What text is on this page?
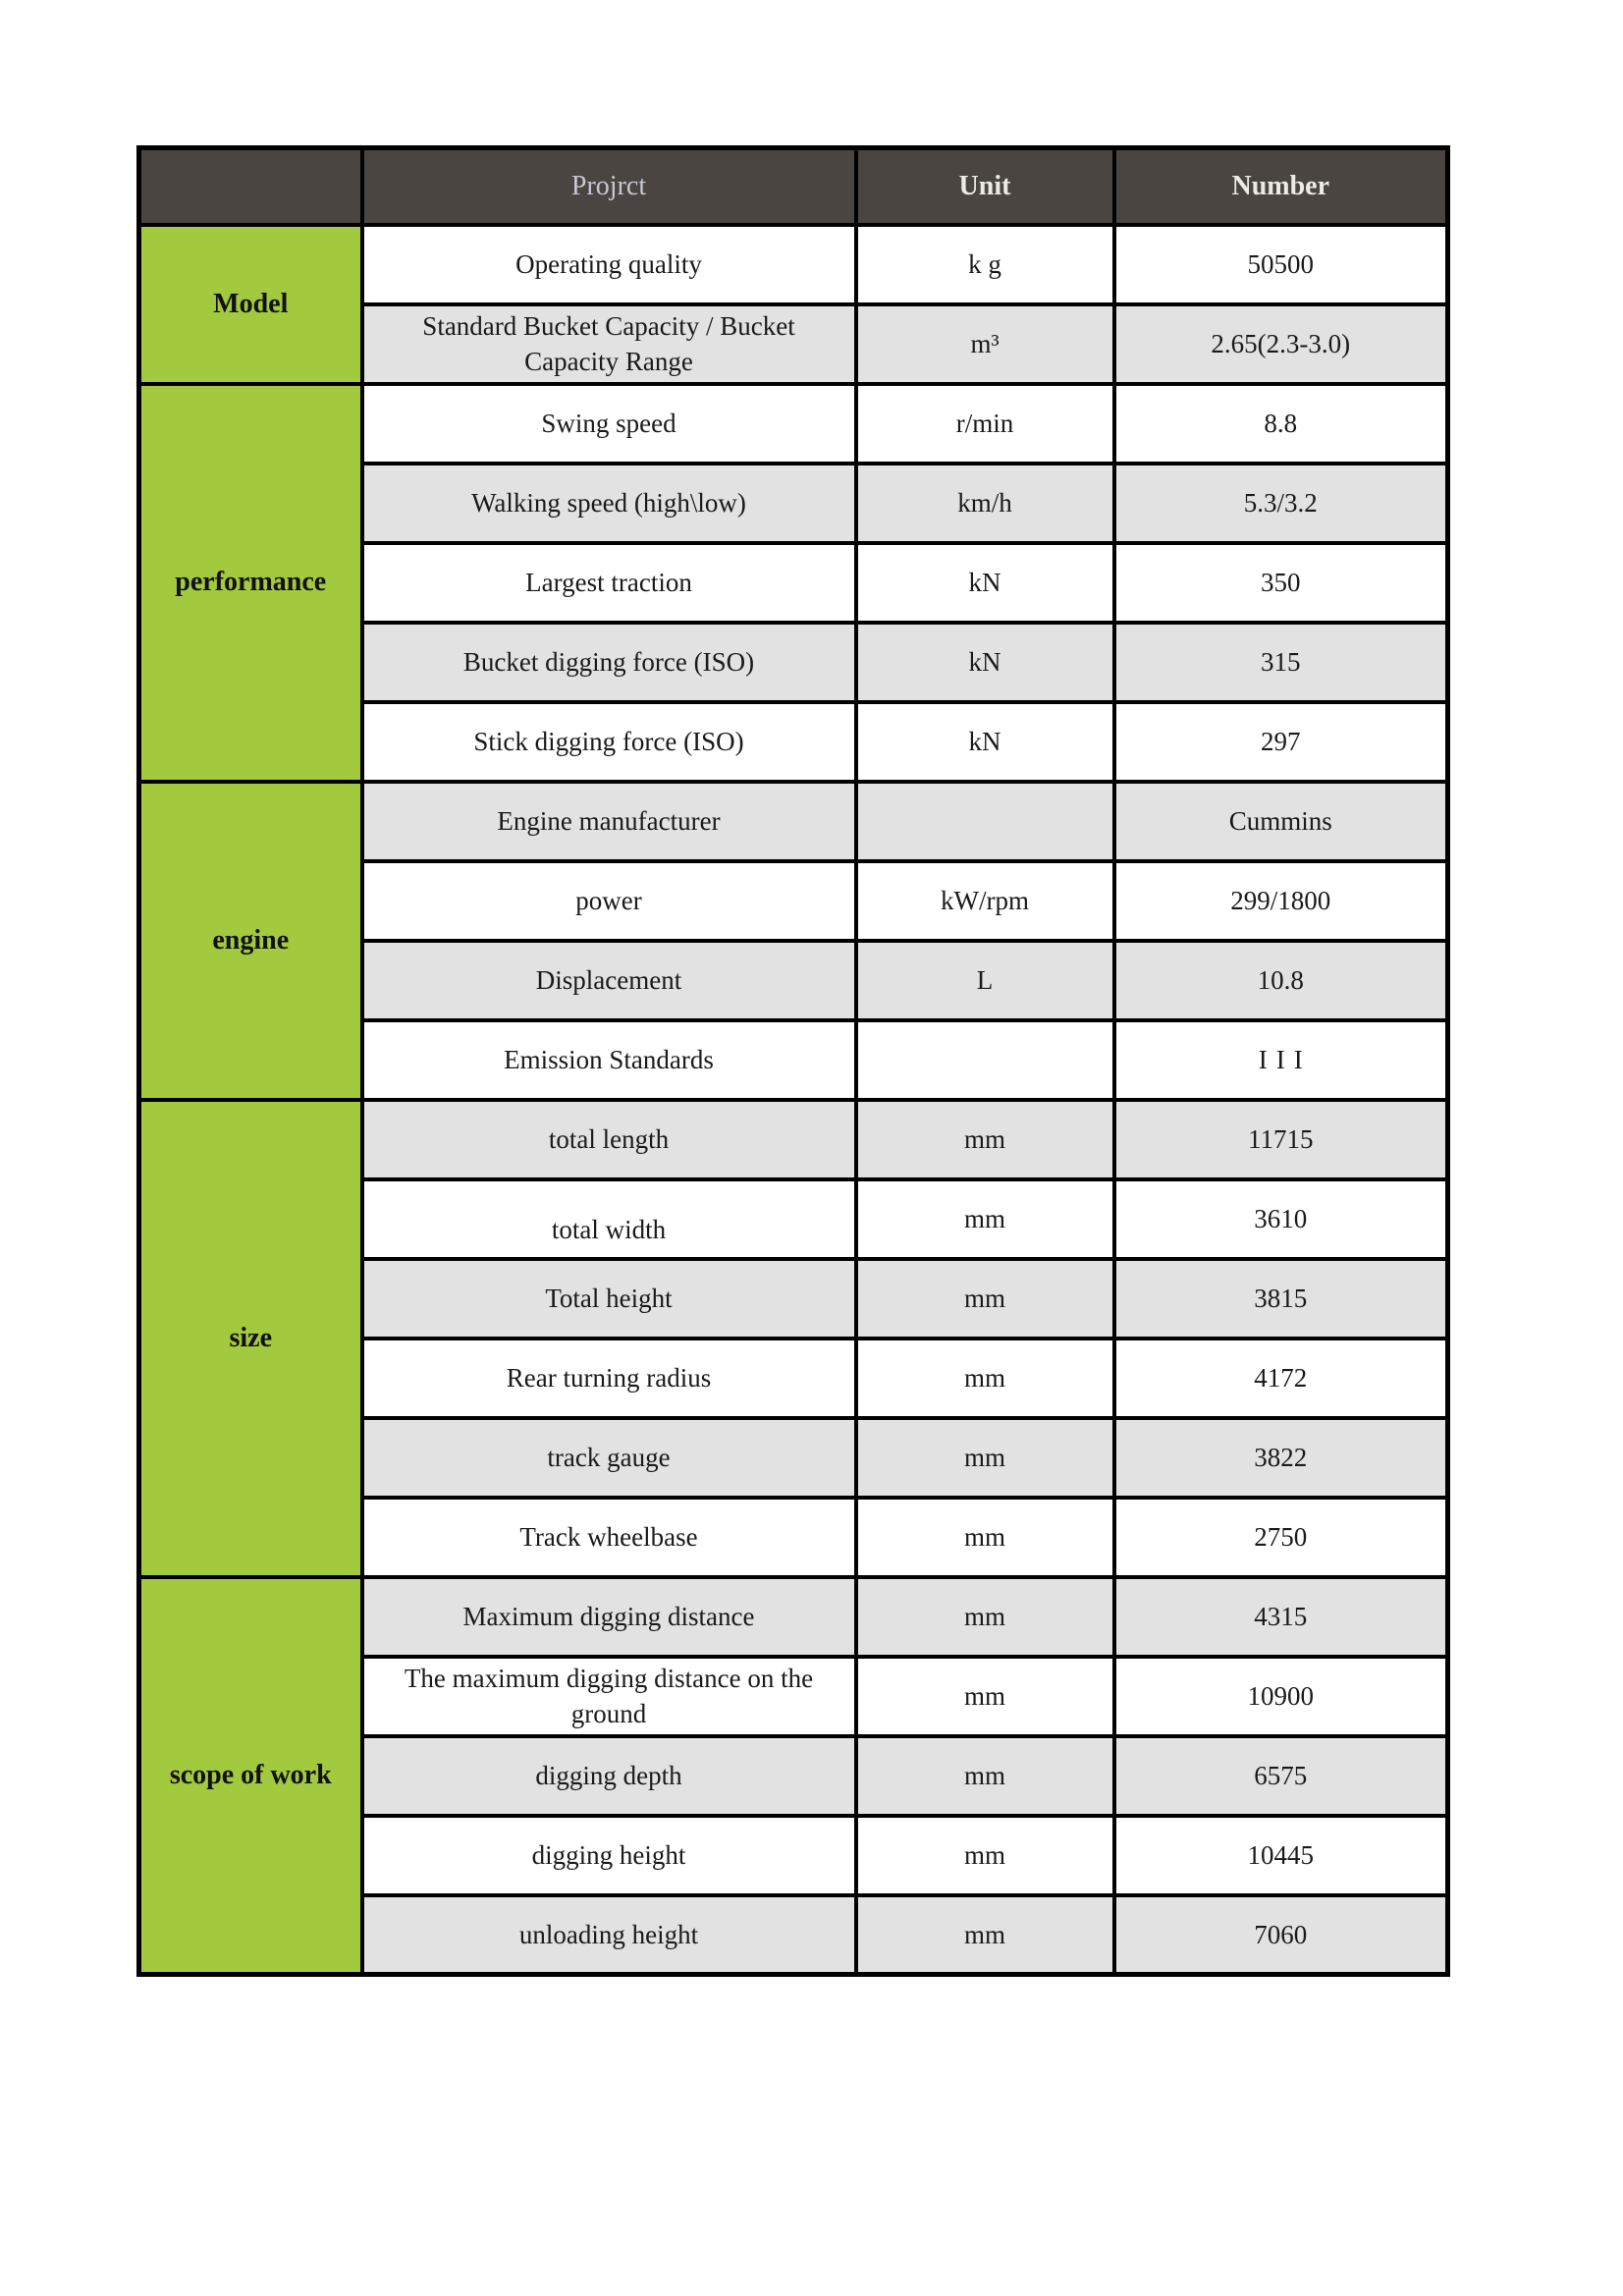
	Projrct	Unit	Number
Model	Operating quality	k g	50500
	Standard Bucket Capacity / Bucket Capacity Range	m³	2.65(2.3-3.0)
performance	Swing speed	r/min	8.8
	Walking speed (high\low)	km/h	5.3/3.2
	Largest traction	kN	350
	Bucket digging force (ISO)	kN	315
	Stick digging force (ISO)	kN	297
engine	Engine manufacturer		Cummins
	power	kW/rpm	299/1800
	Displacement	L	10.8
	Emission Standards		III
size	total length	mm	11715
	total width	mm	3610
	Total height	mm	3815
	Rear turning radius	mm	4172
	track gauge	mm	3822
	Track wheelbase	mm	2750
scope of work	Maximum digging distance	mm	4315
	The maximum digging distance on the ground	mm	10900
	digging depth	mm	6575
	digging height	mm	10445
	unloading height	mm	7060
